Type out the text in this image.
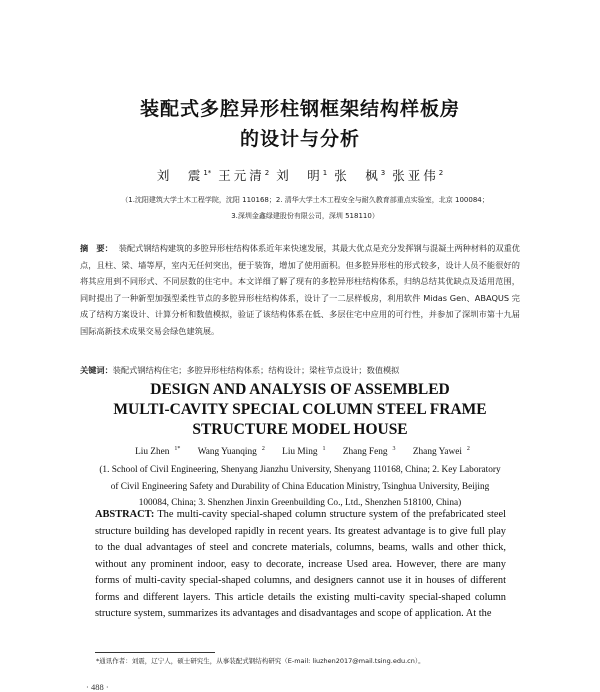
装配式多腔异形柱钢框架结构样板房
的设计与分析
刘　震$^{1*}$ 王元清$^2$ 刘　明$^1$ 张　枫$^3$ 张亚伟$^2$
（1.沈阳建筑大学土木工程学院，沈阳 110168；2. 清华大学土木工程安全与耐久教育部重点实验室，北京 100084；
3.深圳金鑫绿建股份有限公司，深圳 518110）
摘　要： 装配式钢结构建筑的多腔异形柱结构体系近年来快速发展，其最大优点是充分发挥钢与混凝土两种材料的双重优点，且柱、梁、墙等厚，室内无任何突出，便于装饰，增加了使用面积。但多腔异形柱的形式较多，设计人员不能很好的将其应用到不同形式、不同层数的住宅中。本文详细了解了现有的多腔异形柱结构体系，归纳总结其优缺点及适用范围，同时提出了一种新型加强型柔性节点的多腔异形柱结构体系，设计了一二层样板房，利用软件 Midas Gen、ABAQUS 完成了结构方案设计、计算分析和数值模拟，验证了该结构体系在低、多层住宅中应用的可行性，并参加了深圳市第十九届国际高新技术成果交易会绿色建筑展。
关键词：装配式钢结构住宅；多腔异形柱结构体系；结构设计；梁柱节点设计；数值模拟
DESIGN AND ANALYSIS OF ASSEMBLED
MULTI-CAVITY SPECIAL COLUMN STEEL FRAME
STRUCTURE MODEL HOUSE
Liu Zhen $^{1*}$ Wang Yuanqing $^2$ Liu Ming $^1$ Zhang Feng $^3$ Zhang Yawei $^2$
(1. School of Civil Engineering, Shenyang Jianzhu University, Shenyang 110168, China; 2. Key Laboratory of Civil Engineering Safety and Durability of China Education Ministry, Tsinghua University, Beijing 100084, China; 3. Shenzhen Jinxin Greenbuilding Co., Ltd., Shenzhen 518100, China)
ABSTRACT: The multi-cavity special-shaped column structure system of the prefabricated steel structure building has developed rapidly in recent years. Its greatest advantage is to give full play to the dual advantages of steel and concrete materials, columns, beams, walls and other thick, without any prominent indoor, easy to decorate, increase Used area. However, there are many forms of multi-cavity special-shaped columns, and designers cannot use it in houses of different forms and different layers. This article details the existing multi-cavity special-shaped column structure system, summarizes its advantages and disadvantages and scope of application. At the
*通讯作者：刘震，辽宁人，硕士研究生，从事装配式钢结构研究（E-mail: liuzhen2017@mail.tsing.edu.cn）。
· 488 ·
